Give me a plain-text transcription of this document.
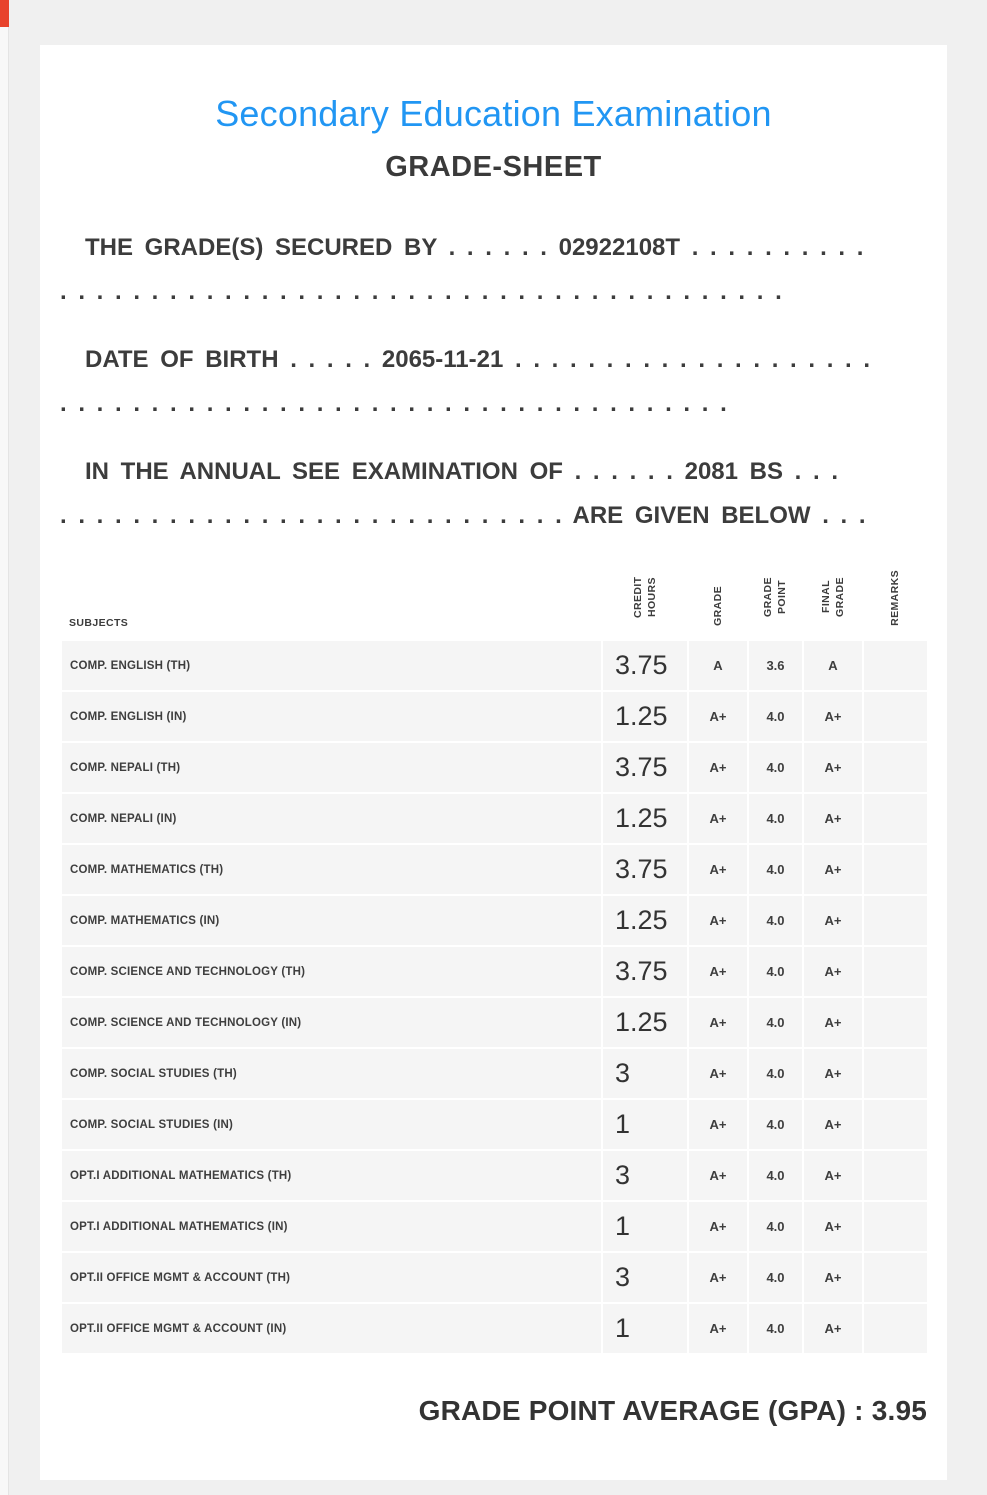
Secondary Education Examination
GRADE-SHEET

THE GRADE(S) SECURED BY . . . . . . 02922108T . . . . . . . . . .
. . . . . . . . . . . . . . . . . . . . . . . . . . . . . . . . . . . . . . . .

DATE OF BIRTH . . . . . 2065-11-21 . . . . . . . . . . . . . . . . . . . .
. . . . . . . . . . . . . . . . . . . . . . . . . . . . . . . . . . . . .

IN THE ANNUAL SEE EXAMINATION OF . . . . . . 2081 BS . . .
. . . . . . . . . . . . . . . . . . . . . . . . . . . . ARE GIVEN BELOW . . .

SUBJECTS	CREDIT HOURS	GRADE	GRADE POINT	FINAL GRADE	REMARKS
COMP. ENGLISH (TH)	3.75	A	3.6	A	
COMP. ENGLISH (IN)	1.25	A+	4.0	A+	
COMP. NEPALI (TH)	3.75	A+	4.0	A+	
COMP. NEPALI (IN)	1.25	A+	4.0	A+	
COMP. MATHEMATICS (TH)	3.75	A+	4.0	A+	
COMP. MATHEMATICS (IN)	1.25	A+	4.0	A+	
COMP. SCIENCE AND TECHNOLOGY (TH)	3.75	A+	4.0	A+	
COMP. SCIENCE AND TECHNOLOGY (IN)	1.25	A+	4.0	A+	
COMP. SOCIAL STUDIES (TH)	3	A+	4.0	A+	
COMP. SOCIAL STUDIES (IN)	1	A+	4.0	A+	
OPT.I ADDITIONAL MATHEMATICS (TH)	3	A+	4.0	A+	
OPT.I ADDITIONAL MATHEMATICS (IN)	1	A+	4.0	A+	
OPT.II OFFICE MGMT & ACCOUNT (TH)	3	A+	4.0	A+	
OPT.II OFFICE MGMT & ACCOUNT (IN)	1	A+	4.0	A+	
GRADE POINT AVERAGE (GPA) : 3.95
